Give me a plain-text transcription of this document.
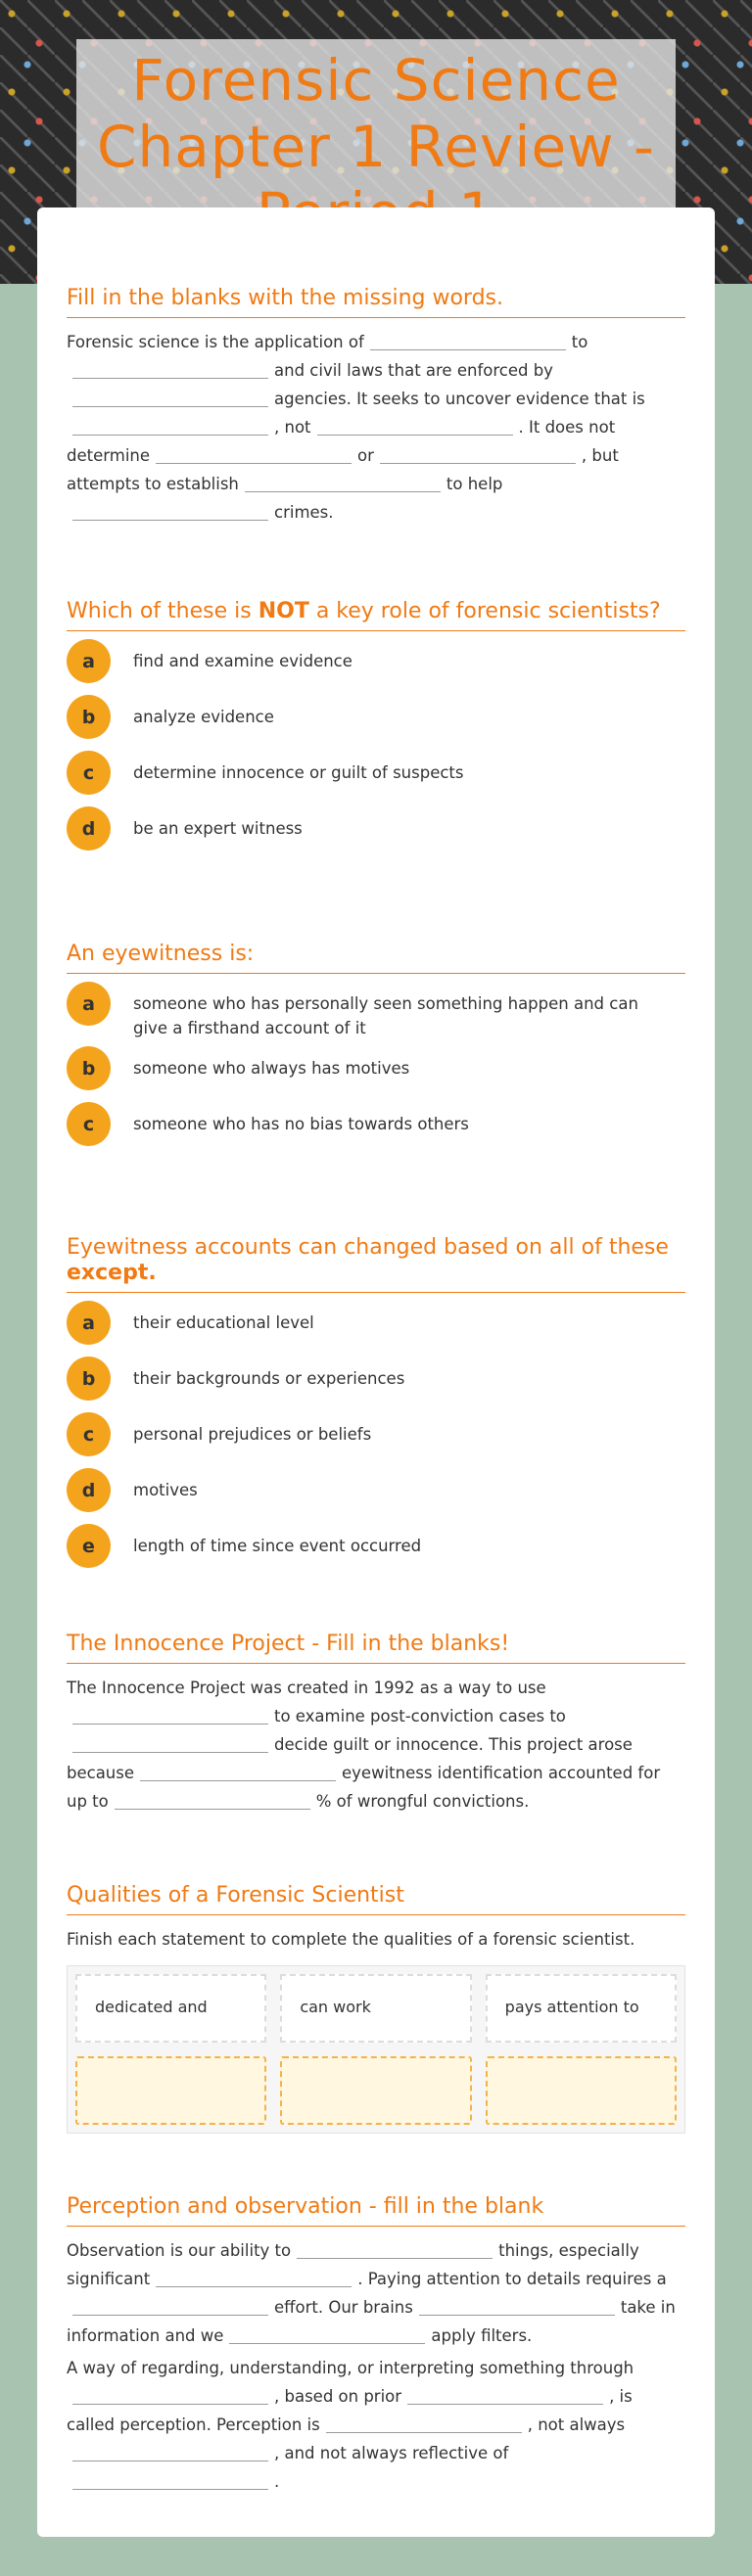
Forensic Science Chapter 1 Review -
Fill in the blanks with the missing words.
Forensic science is the application of	to
and civil laws that are enforced by
agencies. It seeks to uncover evidence that is
, not	. It does not
determine	or	, but
attempts to establish	to help
crimes.
Which of these is NOT a key role of forensic scientists?
a	find and examine evidence
b	analyze evidence
c	determine innocence or guilt of suspects
d	be an expert witness
An eyewitness is:
a	someone who has personally seen something happen and can give a firsthand account of it
b	someone who always has motives
c	someone who has no bias towards others
Eyewitness accounts can changed based on all of these except.
a	their educational level
b	their backgrounds or experiences
c	personal prejudices or beliefs
d	motives
e	length of time since event occurred
The Innocence Project - Fill in the blanks!
The Innocence Project was created in 1992 as a way to use
to examine post-conviction cases to
decide guilt or innocence. This project arose
because	eyewitness identification accounted for
up to	% of wrongful convictions.
Qualities of a Forensic Scientist
Finish each statement to complete the qualities of a forensic scientist.
dedicated and	can work	pays attention to
Perception and observation - fill in the blank
Observation is our ability to	things, especially
significant	. Paying attention to details requires a
effort. Our brains	take in
information and we	apply filters.
A way of regarding, understanding, or interpreting something through
, based on prior	, is
called perception. Perception is	, not always
, and not always reflective of
.
